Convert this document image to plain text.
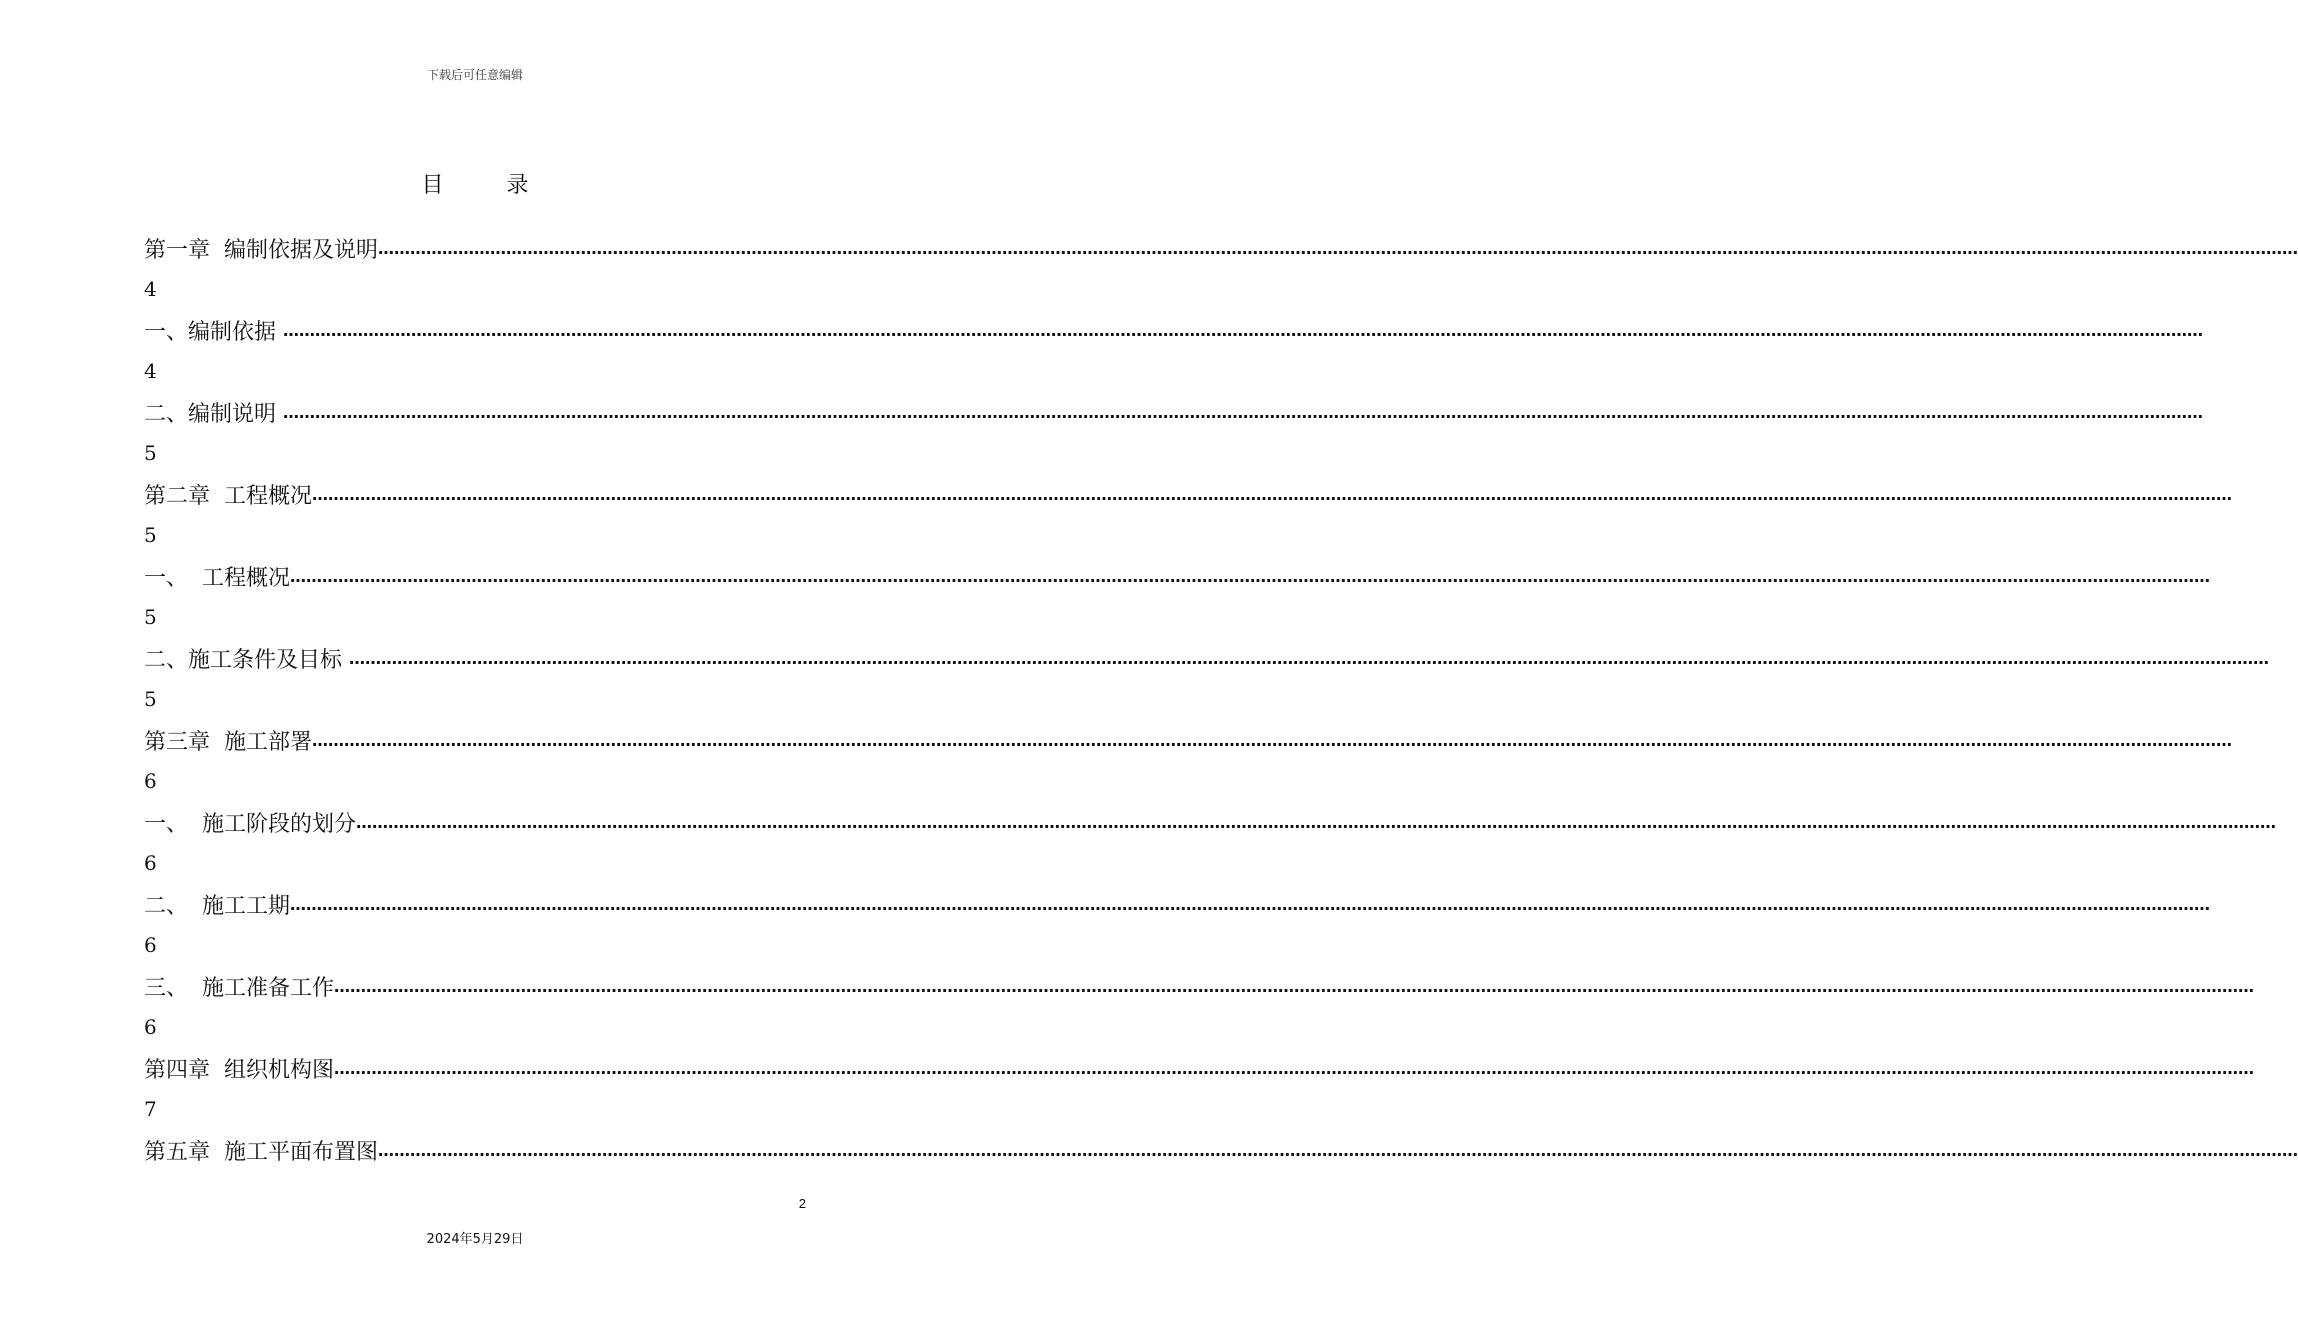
下载后可任意编辑
目 录
第一章  编制依据及说明 ………………………………………………………………………………………………………………………………………………………………………………………………………………………………………………………………………………………………………………………………
4
一、编制依据 ………………………………………………………………………………………………………………………………………………………………………………………………………………………………………………………………………………………………………………………………
4
二、编制说明 ………………………………………………………………………………………………………………………………………………………………………………………………………………………………………………………………………………………………………………………………
5
第二章  工程概况 ………………………………………………………………………………………………………………………………………………………………………………………………………………………………………………………………………………………………………………………………
5
一、  工程概况 ………………………………………………………………………………………………………………………………………………………………………………………………………………………………………………………………………………………………………………………………
5
二、施工条件及目标 ………………………………………………………………………………………………………………………………………………………………………………………………………………………………………………………………………………………………………………………………
5
第三章  施工部署 ………………………………………………………………………………………………………………………………………………………………………………………………………………………………………………………………………………………………………………………………
6
一、  施工阶段的划分 ………………………………………………………………………………………………………………………………………………………………………………………………………………………………………………………………………………………………………………………………
6
二、  施工工期 ………………………………………………………………………………………………………………………………………………………………………………………………………………………………………………………………………………………………………………………………
6
三、  施工准备工作 ………………………………………………………………………………………………………………………………………………………………………………………………………………………………………………………………………………………………………………………………
6
第四章  组织机构图 ………………………………………………………………………………………………………………………………………………………………………………………………………………………………………………………………………………………………………………………………
7
第五章  施工平面布置图 ………………………………………………………………………………………………………………………………………………………………………………………………………………………………………………………………………………………………………………………………
2
2024年5月29日
